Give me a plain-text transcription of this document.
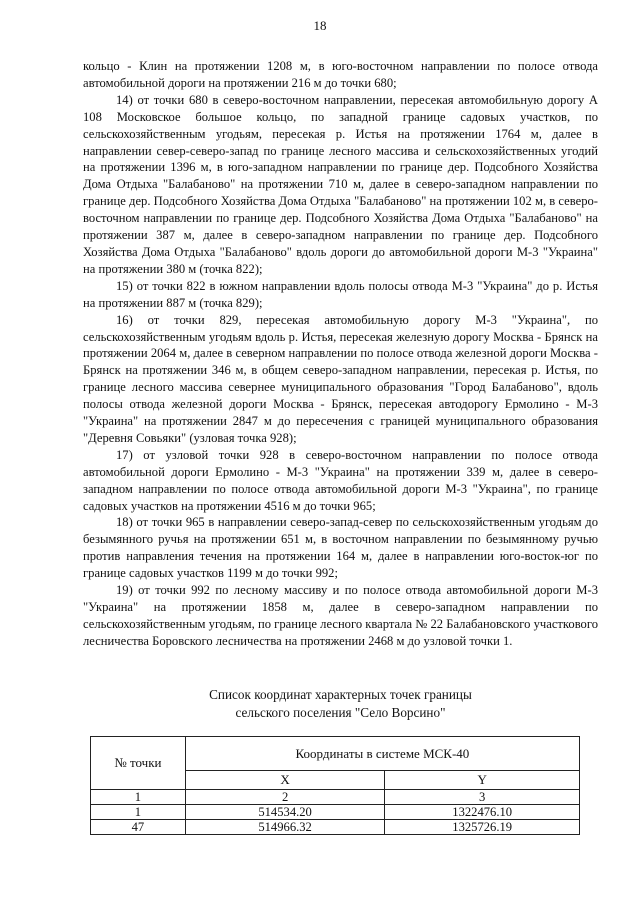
18

кольцо - Клин на протяжении 1208 м, в юго-восточном направлении по полосе отвода автомобильной дороги на протяжении 216 м до точки 680;

14) от точки 680 в северо-восточном направлении, пересекая автомобильную дорогу А 108 Московское большое кольцо, по западной границе садовых участков, по сельскохозяйственным угодьям, пересекая р. Истья на протяжении 1764 м, далее в направлении север-северо-запад по границе лесного массива и сельскохозяйственных угодий на протяжении 1396 м, в юго-западном направлении по границе дер. Подсобного Хозяйства Дома Отдыха "Балабаново" на протяжении 710 м, далее в северо-западном направлении по границе дер. Подсобного Хозяйства Дома Отдыха "Балабаново" на протяжении 102 м, в северо-восточном направлении по границе дер. Подсобного Хозяйства Дома Отдыха "Балабаново" на протяжении 387 м, далее в северо-западном направлении по границе дер. Подсобного Хозяйства Дома Отдыха "Балабаново" вдоль дороги до автомобильной дороги М-3 "Украина" на протяжении 380 м (точка 822);

15) от точки 822 в южном направлении вдоль полосы отвода М-3 "Украина" до р. Истья на протяжении 887 м (точка 829);

16) от точки 829, пересекая автомобильную дорогу М-3 "Украина", по сельскохозяйственным угодьям вдоль р. Истья, пересекая железную дорогу Москва - Брянск на протяжении 2064 м, далее в северном направлении по полосе отвода железной дороги Москва - Брянск на протяжении 346 м, в общем северо-западном направлении, пересекая р. Истья, по границе лесного массива севернее муниципального образования "Город Балабаново", вдоль полосы отвода железной дороги Москва - Брянск, пересекая автодорогу Ермолино - М-3 "Украина" на протяжении 2847 м до пересечения с границей муниципального образования "Деревня Совьяки" (узловая точка 928);

17) от узловой точки 928 в северо-восточном направлении по полосе отвода автомобильной дороги Ермолино - М-3 "Украина" на протяжении 339 м, далее в северо-западном направлении по полосе отвода автомобильной дороги М-3 "Украина", по границе садовых участков на протяжении 4516 м до точки 965;

18) от точки 965 в направлении северо-запад-север по сельскохозяйственным угодьям до безымянного ручья на протяжении 651 м, в восточном направлении по безымянному ручью против направления течения на протяжении 164 м, далее в направлении юго-восток-юг по границе садовых участков 1199 м до точки 992;

19) от точки 992 по лесному массиву и по полосе отвода автомобильной дороги М-3 "Украина" на протяжении 1858 м, далее в северо-западном направлении по сельскохозяйственным угодьям, по границе лесного квартала № 22 Балабановского участкового лесничества Боровского лесничества на протяжении 2468 м до узловой точки 1.

Список координат характерных точек границы
сельского поселения "Село Ворсино"
№ точки	Координаты в системе МСК-40	
	X	Y
1	2	3
1	514534.20	1322476.10
47	514966.32	1325726.19
